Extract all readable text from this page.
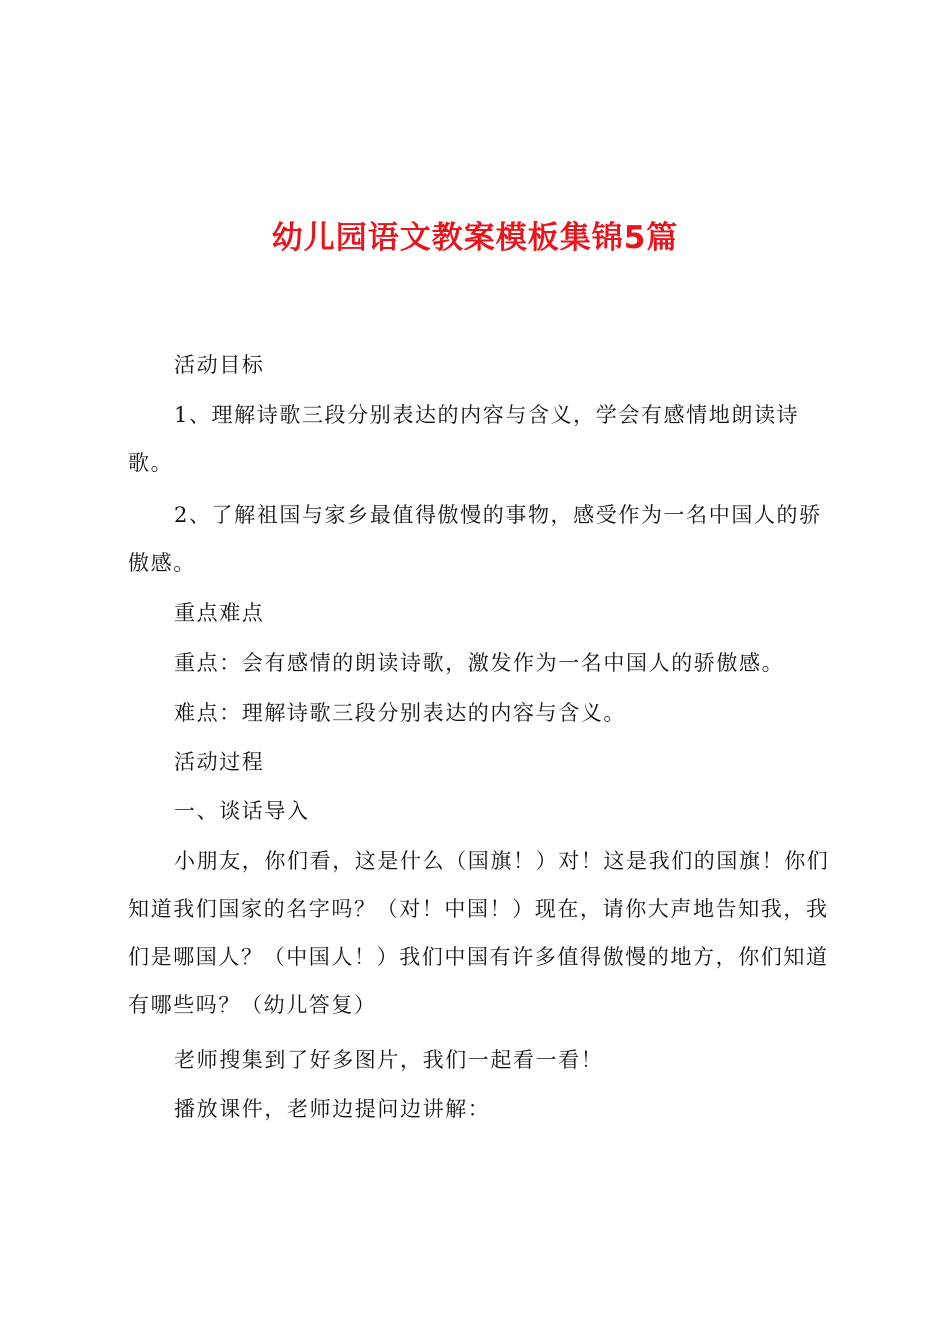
幼儿园语文教案模板集锦5篇

活动目标

1、理解诗歌三段分别表达的内容与含义，学会有感情地朗读诗歌。

2、了解祖国与家乡最值得傲慢的事物，感受作为一名中国人的骄傲感。

重点难点

重点：会有感情的朗读诗歌，激发作为一名中国人的骄傲感。

难点：理解诗歌三段分别表达的内容与含义。

活动过程

一、谈话导入

小朋友，你们看，这是什么（国旗！）对！这是我们的国旗！你们知道我们国家的名字吗？（对！中国！）现在，请你大声地告知我，我们是哪国人？（中国人！）我们中国有许多值得傲慢的地方，你们知道有哪些吗？（幼儿答复）

老师搜集到了好多图片，我们一起看一看！

播放课件，老师边提问边讲解：
